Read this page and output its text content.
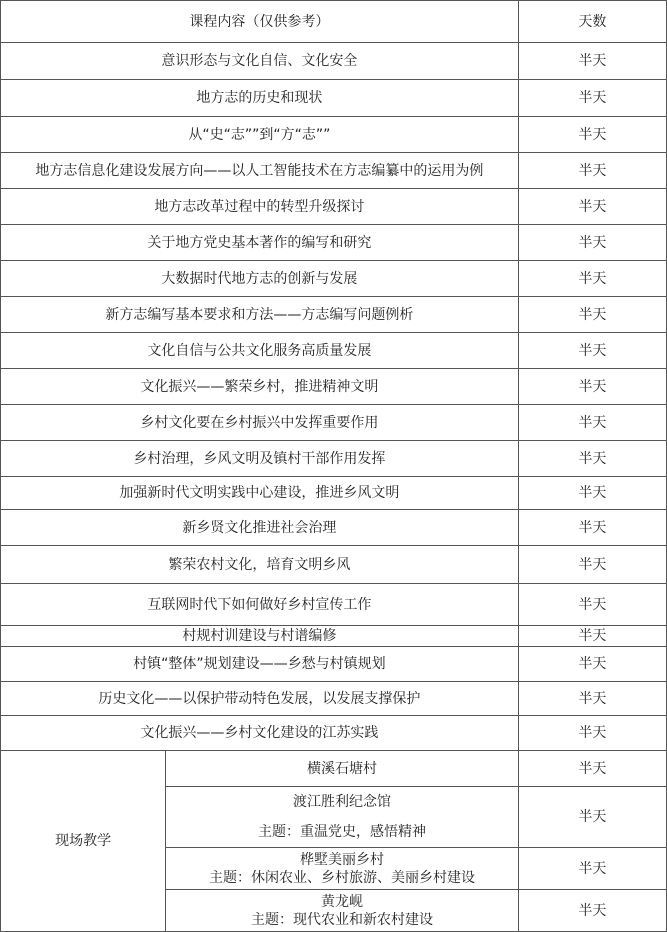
课程内容（仅供参考）		天数
意识形态与文化自信、文化安全		半天
地方志的历史和现状		半天
从“史“志””到“方“志””		半天
地方志信息化建设发展方向——以人工智能技术在方志编纂中的运用为例		半天
地方志改革过程中的转型升级探讨		半天
关于地方党史基本著作的编写和研究		半天
大数据时代地方志的创新与发展		半天
新方志编写基本要求和方法——方志编写问题例析		半天
文化自信与公共文化服务高质量发展		半天
文化振兴——繁荣乡村，推进精神文明		半天
乡村文化要在乡村振兴中发挥重要作用		半天
乡村治理，乡风文明及镇村干部作用发挥		半天
加强新时代文明实践中心建设，推进乡风文明		半天
新乡贤文化推进社会治理		半天
繁荣农村文化，培育文明乡风		半天
互联网时代下如何做好乡村宣传工作		半天
村规村训建设与村谱编修		半天
村镇“整体”规划建设——乡愁与村镇规划		半天
历史文化——以保护带动特色发展，以发展支撑保护		半天
文化振兴——乡村文化建设的江苏实践		半天
现场教学	横溪石塘村	半天

	渡江胜利纪念馆
主题：重温党史，感悟精神	半天

	桦墅美丽乡村
主题：休闲农业、乡村旅游、美丽乡村建设	半天

	黄龙岘
主题：现代农业和新农村建设	半天
